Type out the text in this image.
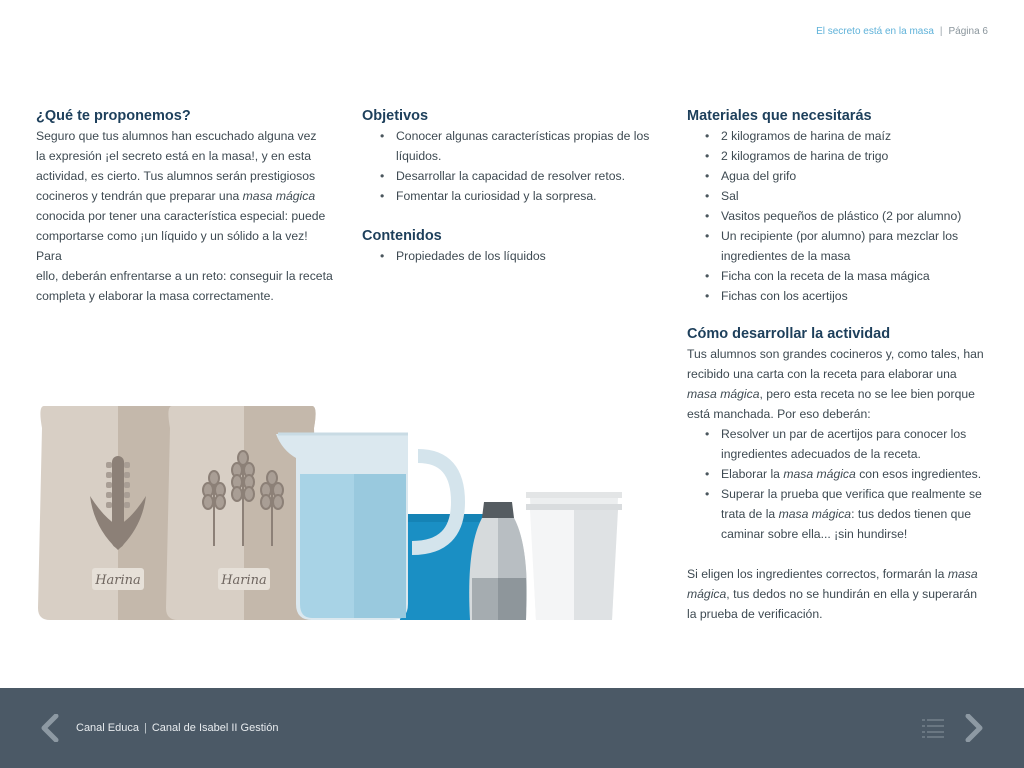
El secreto está en la masa | Página 6
¿Qué te proponemos?

Seguro que tus alumnos han escuchado alguna vez
la expresión ¡el secreto está en la masa!, y en esta
actividad, es cierto. Tus alumnos serán prestigiosos
cocineros y tendrán que preparar una masa mágica
conocida por tener una característica especial: puede
comportarse como ¡un líquido y un sólido a la vez! Para
ello, deberán enfrentarse a un reto: conseguir la receta
completa y elaborar la masa correctamente.

Objetivos
• Conocer algunas características propias de los líquidos.
• Desarrollar la capacidad de resolver retos.
• Fomentar la curiosidad y la sorpresa.
Contenidos
• Propiedades de los líquidos
Materiales que necesitarás
• 2 kilogramos de harina de maíz
• 2 kilogramos de harina de trigo
• Agua del grifo
• Sal
• Vasitos pequeños de plástico (2 por alumno)
• Un recipiente (por alumno) para mezclar los ingredientes de la masa
• Ficha con la receta de la masa mágica
• Fichas con los acertijos
Cómo desarrollar la actividad

Tus alumnos son grandes cocineros y, como tales, han recibido una carta con la receta para elaborar una masa mágica, pero esta receta no se lee bien porque está manchada. Por eso deberán:

• Resolver un par de acertijos para conocer los ingredientes adecuados de la receta.
• Elaborar la masa mágica con esos ingredientes.
• Superar la prueba que verifica que realmente se trata de la masa mágica: tus dedos tienen que caminar sobre ella... ¡sin hundirse!

Si eligen los ingredientes correctos, formarán la masa mágica, tus dedos no se hundirán en ella y superarán la prueba de verificación.

Harina	Harina
Canal Educa | Canal de Isabel II Gestión
